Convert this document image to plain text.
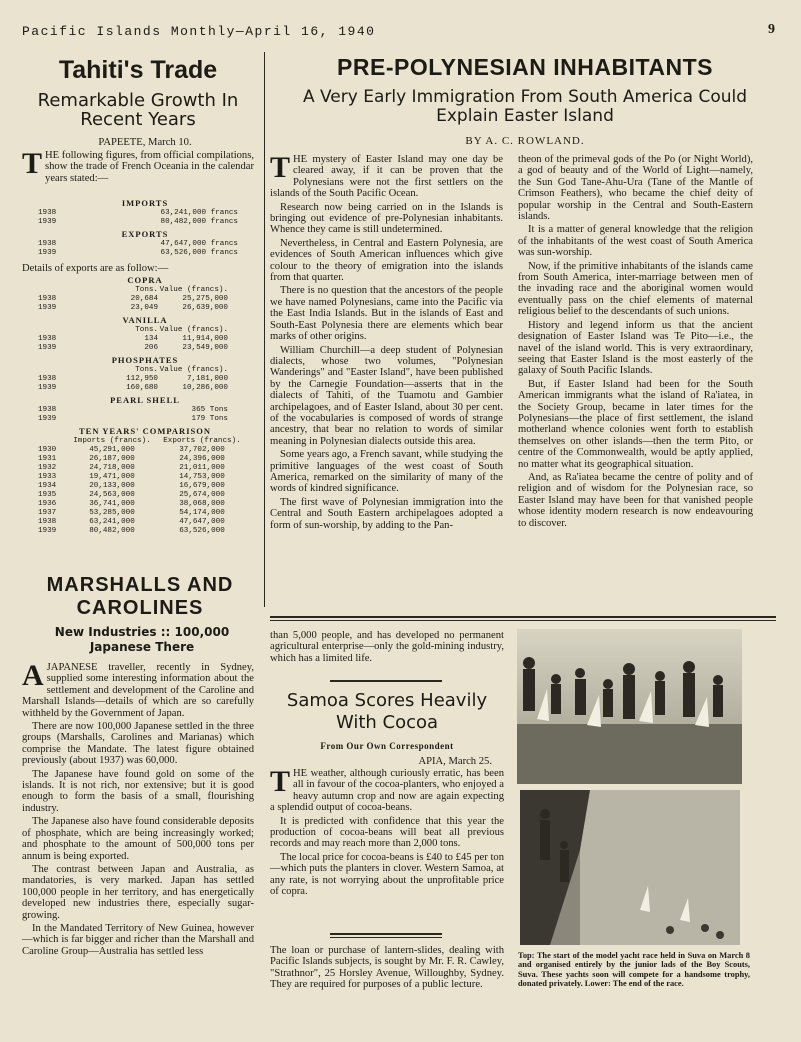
Pacific Islands Monthly—April 16, 1940	9
Tahiti's Trade
Remarkable Growth In Recent Years
PAPEETE, March 10.
THE following figures, from official compilations, show the trade of French Oceania in the calendar years stated:—
IMPORTS
1938	63,241,000 francs
1939	80,482,000 francs
EXPORTS
1938	47,647,000 francs
1939	63,526,000 francs
Details of exports are as follow:—
COPRA
Tons. Value (francs).
1938	20,684	25,275,000
1939	23,049	26,639,000
VANILLA
Tons. Value (francs).
1938	134	11,914,000
1939	206	23,549,000
PHOSPHATES
Tons. Value (francs).
1938	112,950	7,181,000
1939	160,680	10,286,000
PEARL SHELL
1938	365 Tons
1939	179 Tons
TEN YEARS' COMPARISON
Imports (francs).	Exports (francs).
1930	45,291,000	37,702,000
1931	26,187,000	24,396,000
1932	24,718,000	21,011,000
1933	19,471,000	14,753,000
1934	20,133,000	16,679,000
1935	24,563,000	25,674,000
1936	36,741,000	38,068,000
1937	53,285,000	54,174,000
1938	63,241,000	47,647,000
1939	80,482,000	63,526,000
MARSHALLS AND CAROLINES
New Industries :: 100,000 Japanese There

AJAPANESE traveller, recently in Sydney, supplied some interesting information about the settlement and development of the Caroline and Marshall Islands—details of which are so carefully withheld by the Government of Japan.

There are now 100,000 Japanese settled in the three groups (Marshalls, Carolines and Marianas) which comprise the Mandate. The latest figure obtained previously (about 1937) was 60,000.

The Japanese have found gold on some of the islands. It is not rich, nor extensive; but it is good enough to form the basis of a small, flourishing industry.

The Japanese also have found considerable deposits of phosphate, which are being increasingly worked; and phosphate to the amount of 500,000 tons per annum is being exported.

The contrast between Japan and Australia, as mandatories, is very marked. Japan has settled 100,000 people in her territory, and has energetically developed new industries there, especially sugar-growing.

In the Mandated Territory of New Guinea, however—which is far bigger and richer than the Marshall and Caroline Group—Australia has settled less

PRE-POLYNESIAN INHABITANTS
A Very Early Immigration From South America Could Explain Easter Island
BY A. C. ROWLAND.

THE mystery of Easter Island may one day be cleared away, if it can be proven that the Polynesians were not the first settlers on the islands of the South Pacific Ocean.

Research now being carried on in the Islands is bringing out evidence of pre-Polynesian inhabitants. Whence they came is still undetermined.

Nevertheless, in Central and Eastern Polynesia, are evidences of South American influences which give colour to the theory of emigration into the islands from that quarter.

There is no question that the ancestors of the people we have named Polynesians, came into the Pacific via the East India Islands. But in the islands of East and South-East Polynesia there are elements which bear marks of other origins.

William Churchill—a deep student of Polynesian dialects, whose two volumes, "Polynesian Wanderings" and "Easter Island", have been published by the Carnegie Foundation—asserts that in the dialects of Tahiti, of the Tuamotu and Gambier archipelagoes, and of Easter Island, about 30 per cent. of the vocabularies is composed of words of strange ancestry, that bear no relation to words of similar meaning in Polynesian dialects outside this area.

Some years ago, a French savant, while studying the primitive languages of the west coast of South America, remarked on the similarity of many of the words of kindred significance.

The first wave of Polynesian immigration into the Central and South Eastern archipelagoes adopted a form of sun-worship, by adding to the Pan-

theon of the primeval gods of the Po (or Night World), a god of beauty and of the World of Light—namely, the Sun God Tane-Ahu-Ura (Tane of the Mantle of Crimson Feathers), who became the chief deity of popular worship in the Central and South-Eastern islands.

It is a matter of general knowledge that the religion of the inhabitants of the west coast of South America was sun-worship.

Now, if the primitive inhabitants of the islands came from South America, inter-marriage between men of the invading race and the aboriginal women would eventually pass on the chief elements of maternal religious belief to the descendants of such unions.

History and legend inform us that the ancient designation of Easter Island was Te Pito—i.e., the navel of the island world. This is very extraordinary, seeing that Easter Island is the most easterly of the galaxy of South Pacific Islands.

But, if Easter Island had been for the South American immigrants what the island of Ra'iatea, in the Society Group, became in later times for the Polynesians—the place of first settlement, the island motherland whence colonies went forth to establish themselves on other islands—then the term Pito, or centre of the Commonwealth, would be aptly applied, no matter what its geographical situation.

And, as Ra'iatea became the centre of polity and of religion and of wisdom for the Polynesian race, so Easter Island may have been for that vanished people whose identity modern research is now endeavouring to discover.

than 5,000 people, and has developed no permanent agricultural enterprise—only the gold-mining industry, which has a limited life.
Samoa Scores Heavily With Cocoa
From Our Own Correspondent
APIA, March 25.

THE weather, although curiously erratic, has been all in favour of the cocoa-planters, who enjoyed a heavy autumn crop and now are again expecting a splendid output of cocoa-beans.

It is predicted with confidence that this year the production of cocoa-beans will beat all previous records and may reach more than 2,000 tons.

The local price for cocoa-beans is £40 to £45 per ton—which puts the planters in clover. Western Samoa, at any rate, is not worrying about the unprofitable price of copra.

The loan or purchase of lantern-slides, dealing with Pacific Islands subjects, is sought by Mr. F. R. Cawley, "Strathnor", 25 Horsley Avenue, Willoughby, Sydney. They are required for purposes of a public lecture.
Top: The start of the model yacht race held in Suva on March 8 and organised entirely by the junior lads of the Boy Scouts, Suva. These yachts soon will compete for a handsome trophy, donated privately. Lower: The end of the race.
